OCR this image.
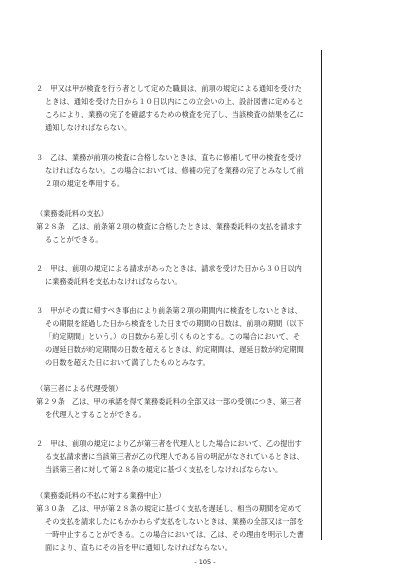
２　甲又は甲が検査を行う者として定めた職員は、前項の規定による通知を受けたときは、通知を受けた日から１０日以内にこの立会いの上、設計図書に定めるところにより、業務の完了を確認するための検査を完了し、当該検査の結果を乙に通知しなければならない。

３　乙は、業務が前項の検査に合格しないときは、直ちに修補して甲の検査を受けなければならない。この場合においては、修補の完了を業務の完了とみなして前２項の規定を準用する。

（業務委託料の支払）

第２８条　乙は、前条第２項の検査に合格したときは、業務委託料の支払を請求することができる。

２　甲は、前項の規定による請求があったときは、請求を受けた日から３０日以内に業務委託料を支払わなければならない。

３　甲がその責に帰すべき事由により前条第２項の期間内に検査をしないときは、その期限を経過した日から検査をした日までの期間の日数は、前項の期間（以下「約定期間」という。）の日数から差し引くものとする。この場合において、その遅延日数が約定期間の日数を超えるときは、約定期間は、遅延日数が約定期間の日数を超えた日において満了したものとみなす。

（第三者による代理受領）

第２９条　乙は、甲の承諾を得て業務委託料の全部又は一部の受領につき、第三者を代理人とすることができる。

２　甲は、前項の規定により乙が第三者を代理人とした場合において、乙の提出する支払請求書に当該第三者が乙の代理人である旨の明記がなされているときは、当該第三者に対して第２８条の規定に基づく支払をしなければならない。

（業務委託料の不払に対する業務中止）

第３０条　乙は、甲が第２８条の規定に基づく支払を遅延し、相当の期間を定めてその支払を請求したにもかかわらず支払をしないときは、業務の全部又は一部を一時中止することができる。この場合においては、乙は、その理由を明示した書面により、直ちにその旨を甲に通知しなければならない。

- 105 -
